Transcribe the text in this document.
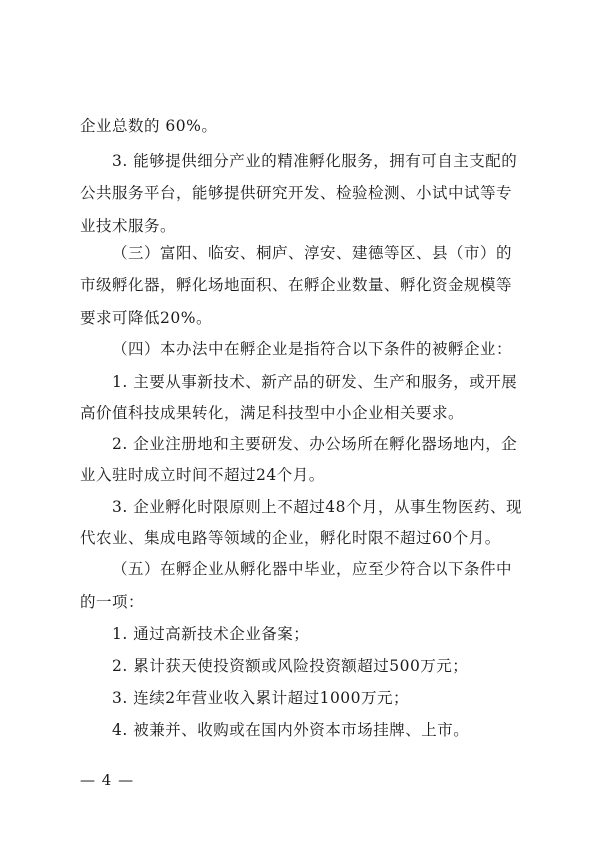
企业总数的 60%。
3. 能够提供细分产业的精准孵化服务，拥有可自主支配的
公共服务平台，能够提供研究开发、检验检测、小试中试等专
业技术服务。
（三）富阳、临安、桐庐、淳安、建德等区、县（市）的
市级孵化器，孵化场地面积、在孵企业数量、孵化资金规模等
要求可降低20%。
（四）本办法中在孵企业是指符合以下条件的被孵企业：
1. 主要从事新技术、新产品的研发、生产和服务，或开展
高价值科技成果转化，满足科技型中小企业相关要求。
2. 企业注册地和主要研发、办公场所在孵化器场地内，企
业入驻时成立时间不超过24个月。
3. 企业孵化时限原则上不超过48个月，从事生物医药、现
代农业、集成电路等领域的企业，孵化时限不超过60个月。
（五）在孵企业从孵化器中毕业，应至少符合以下条件中
的一项：
1. 通过高新技术企业备案；
2. 累计获天使投资额或风险投资额超过500万元；
3. 连续2年营业收入累计超过1000万元；
4. 被兼并、收购或在国内外资本市场挂牌、上市。
— 4 —
